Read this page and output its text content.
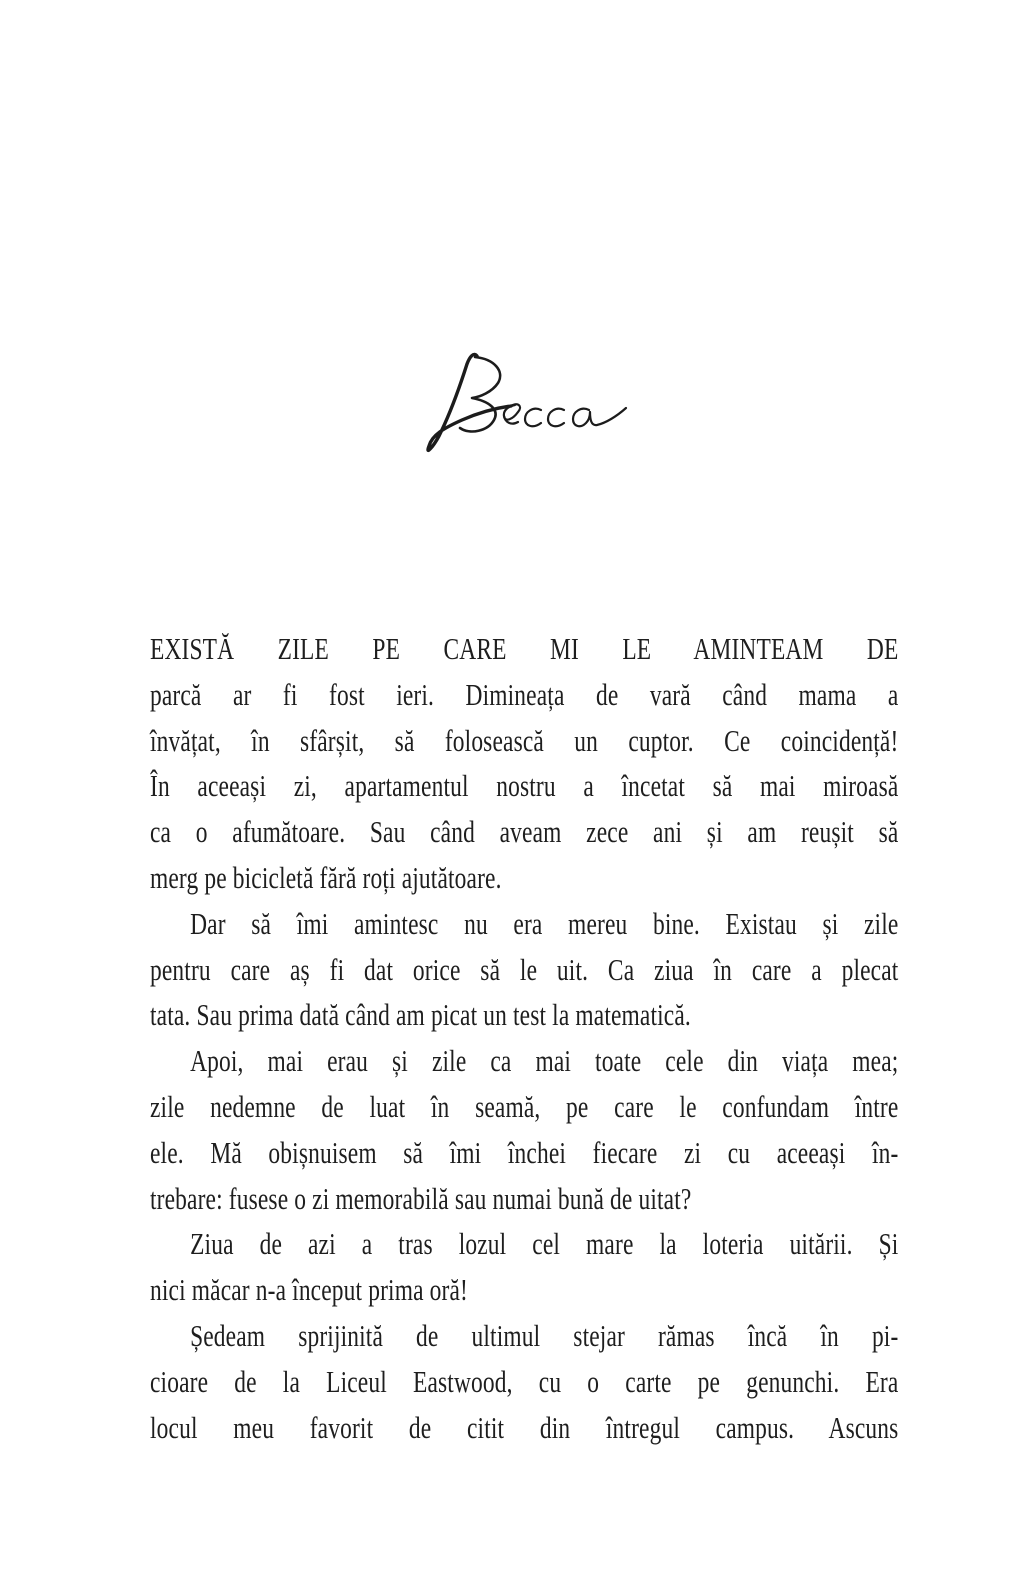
EXISTĂ ZILE PE CARE MI LE AMINTEAM DE
parcă ar fi fost ieri. Dimineața de vară când mama a
învățat, în sfârșit, să folosească un cuptor. Ce coincidență!
În aceeași zi, apartamentul nostru a încetat să mai miroasă
ca o afumătoare. Sau când aveam zece ani și am reușit să
merg pe bicicletă fără roți ajutătoare.
Dar să îmi amintesc nu era mereu bine. Existau și zile
pentru care aș fi dat orice să le uit. Ca ziua în care a plecat
tata. Sau prima dată când am picat un test la matematică.
Apoi, mai erau și zile ca mai toate cele din viața mea;
zile nedemne de luat în seamă, pe care le confundam între
ele. Mă obișnuisem să îmi închei fiecare zi cu aceeași în-
trebare: fusese o zi memorabilă sau numai bună de uitat?
Ziua de azi a tras lozul cel mare la loteria uitării. Și
nici măcar n-a început prima oră!
Ședeam sprijinită de ultimul stejar rămas încă în pi-
cioare de la Liceul Eastwood, cu o carte pe genunchi. Era
locul meu favorit de citit din întregul campus. Ascuns
